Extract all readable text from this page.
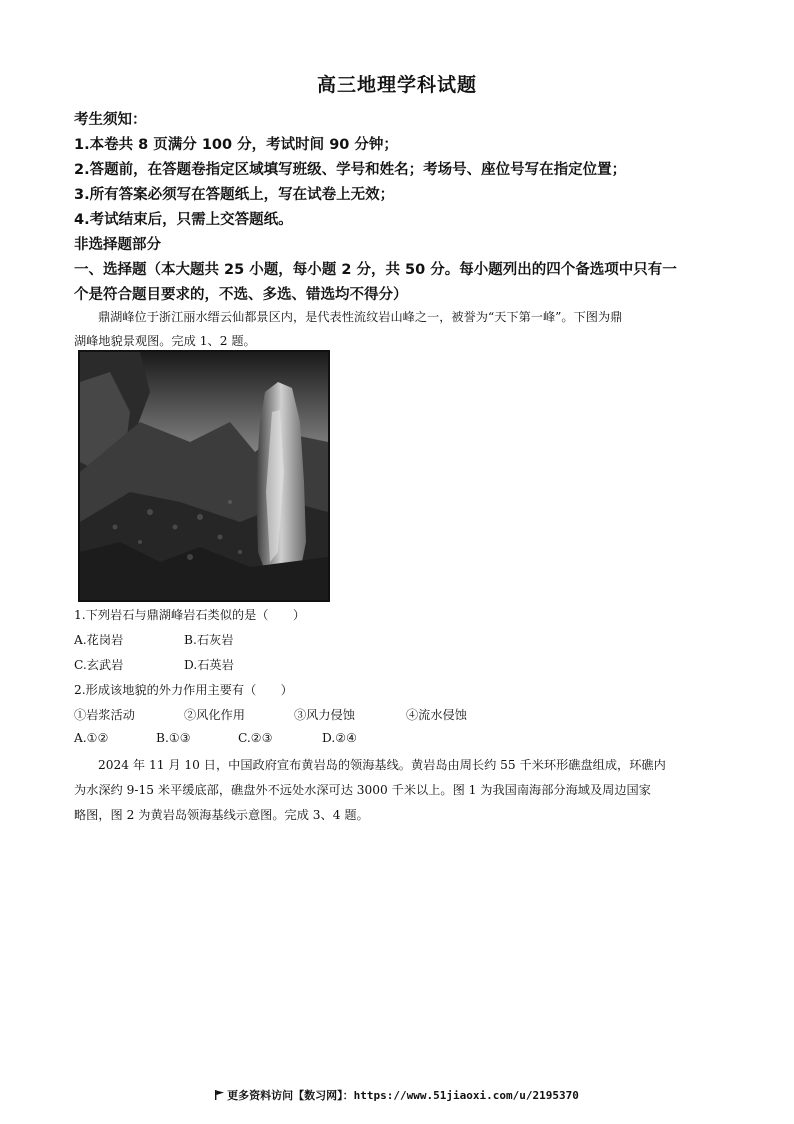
高三地理学科试题
考生须知：
1.本卷共 8 页满分 100 分，考试时间 90 分钟；
2.答题前，在答题卷指定区域填写班级、学号和姓名；考场号、座位号写在指定位置；
3.所有答案必须写在答题纸上，写在试卷上无效；
4.考试结束后，只需上交答题纸。
非选择题部分
一、选择题（本大题共 25 小题，每小题 2 分，共 50 分。每小题列出的四个备选项中只有一
个是符合题目要求的，不选、多选、错选均不得分）
鼎湖峰位于浙江丽水缙云仙都景区内，是代表性流纹岩山峰之一，被誉为“天下第一峰”。下图为鼎
湖峰地貌景观图。完成 1、2 题。
1.下列岩石与鼎湖峰岩石类似的是（　　）
A.花岗岩	B.石灰岩
C.玄武岩	D.石英岩
2.形成该地貌的外力作用主要有（　　）
①岩浆活动	②风化作用	③风力侵蚀	④流水侵蚀
A.①②	B.①③	C.②③	D.②④
2024 年 11 月 10 日，中国政府宣布黄岩岛的领海基线。黄岩岛由周长约 55 千米环形礁盘组成，环礁内
为水深约 9-15 米平缓底部，礁盘外不远处水深可达 3000 千米以上。图 1 为我国南海部分海域及周边国家
略图，图 2 为黄岩岛领海基线示意图。完成 3、4 题。
更多资料访问【数习网】：https://www.51jiaoxi.com/u/2195370
